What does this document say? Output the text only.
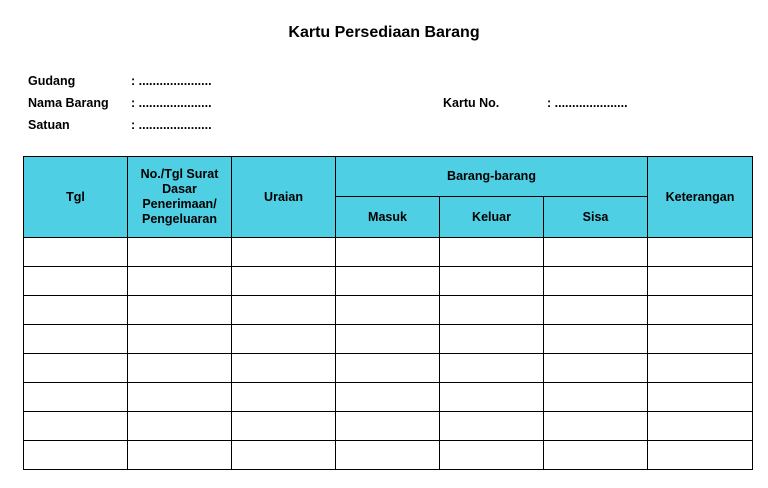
Kartu Persediaan Barang
Gudang	: .....................
Nama Barang : .....................
Satuan	: .....................
Kartu No.	: .....................
Tgl	No./Tgl Surat Dasar Penerimaan/ Pengeluaran	Uraian	Barang-barang			Keterangan
			Masuk	Keluar	Sisa	
